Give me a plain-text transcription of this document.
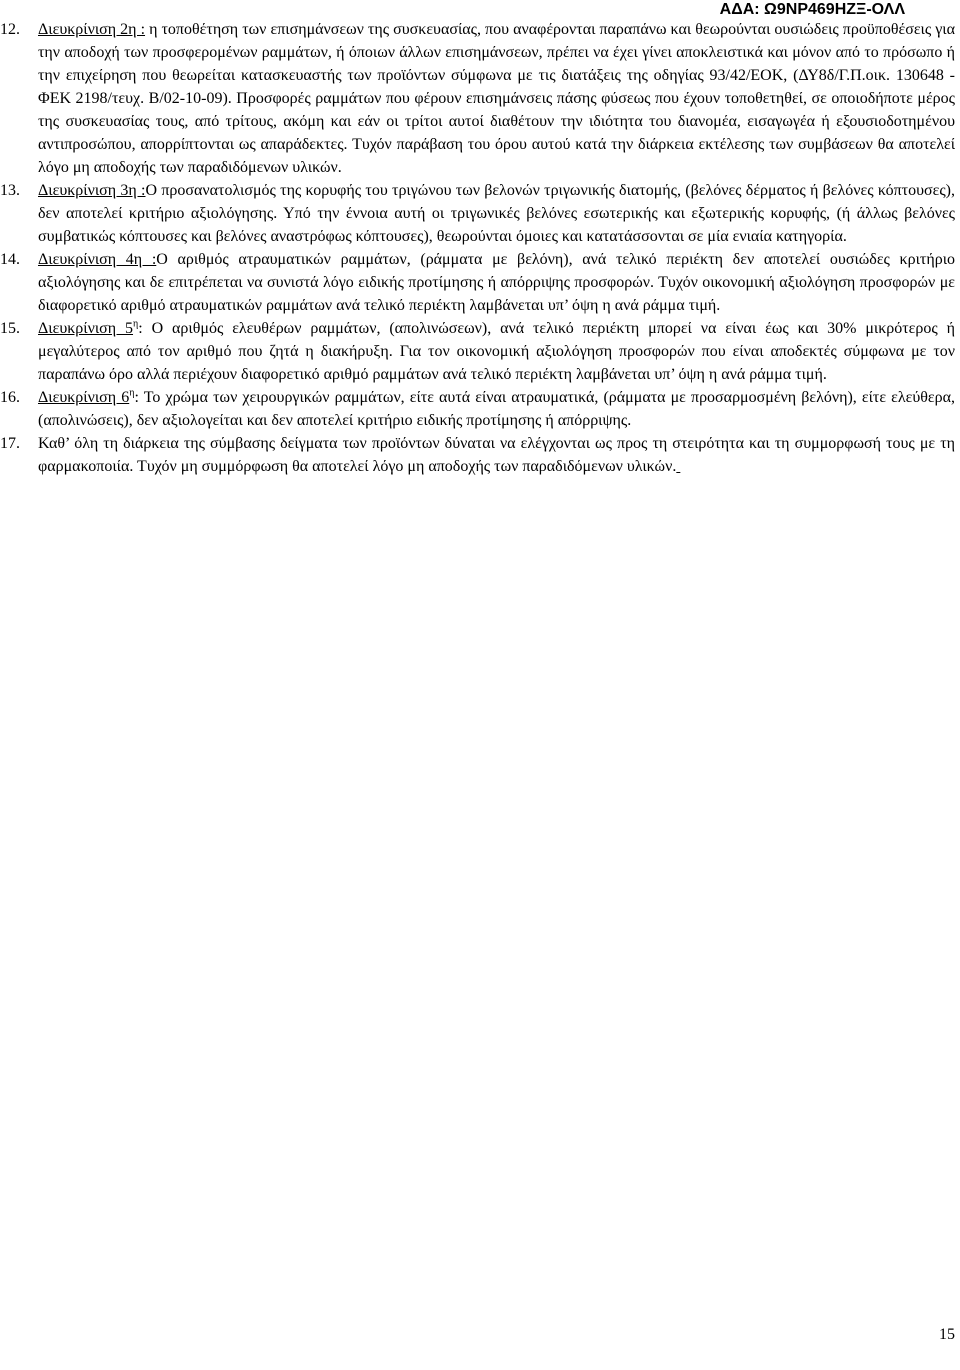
ΑΔΑ: Ω9ΝΡ469ΗΖΞ-ΟΛΛ
12.	Διευκρίνιση 2η : η τοποθέτηση των επισημάνσεων της συσκευασίας, που αναφέρονται παραπάνω και θεωρούνται ουσιώδεις προϋποθέσεις για την αποδοχή των προσφερομένων ραμμάτων, ή όποιων άλλων επισημάνσεων, πρέπει να έχει γίνει αποκλειστικά και μόνον από το πρόσωπο ή την επιχείρηση που θεωρείται κατασκευαστής των προϊόντων σύμφωνα με τις διατάξεις της οδηγίας 93/42/ΕΟΚ, (ΔΥ8δ/Γ.Π.οικ. 130648 - ΦΕΚ 2198/τευχ. Β/02-10-09). Προσφορές ραμμάτων που φέρουν επισημάνσεις πάσης φύσεως που έχουν τοποθετηθεί, σε οποιοδήποτε μέρος της συσκευασίας τους, από τρίτους, ακόμη και εάν οι τρίτοι αυτοί διαθέτουν την ιδιότητα του διανομέα, εισαγωγέα ή εξουσιοδοτημένου αντιπροσώπου, απορρίπτονται ως απαράδεκτες. Τυχόν παράβαση του όρου αυτού κατά την διάρκεια εκτέλεσης των συμβάσεων θα αποτελεί λόγο μη αποδοχής των παραδιδόμενων υλικών.
13.	Διευκρίνιση 3η :Ο προσανατολισμός της κορυφής του τριγώνου των βελονών τριγωνικής διατομής, (βελόνες δέρματος ή βελόνες κόπτουσες), δεν αποτελεί κριτήριο αξιολόγησης. Υπό την έννοια αυτή οι τριγωνικές βελόνες εσωτερικής και εξωτερικής κορυφής, (ή άλλως βελόνες συμβατικώς κόπτουσες και βελόνες αναστρόφως κόπτουσες), θεωρούνται όμοιες και κατατάσσονται σε μία ενιαία κατηγορία.
14.	Διευκρίνιση 4η :Ο αριθμός ατραυματικών ραμμάτων, (ράμματα με βελόνη), ανά τελικό περιέκτη δεν αποτελεί ουσιώδες κριτήριο αξιολόγησης και δε επιτρέπεται να συνιστά λόγο ειδικής προτίμησης ή απόρριψης προσφορών. Τυχόν οικονομική αξιολόγηση προσφορών με διαφορετικό αριθμό ατραυματικών ραμμάτων ανά τελικό περιέκτη λαμβάνεται υπ’ όψη η ανά ράμμα τιμή.
15.	Διευκρίνιση $5^\eta$: Ο αριθμός ελευθέρων ραμμάτων, (απολινώσεων), ανά τελικό περιέκτη μπορεί να είναι έως και 30% μικρότερος ή μεγαλύτερος από τον αριθμό που ζητά η διακήρυξη. Για τον οικονομική αξιολόγηση προσφορών που είναι αποδεκτές σύμφωνα με τον παραπάνω όρο αλλά περιέχουν διαφορετικό αριθμό ραμμάτων ανά τελικό περιέκτη λαμβάνεται υπ’ όψη η ανά ράμμα τιμή.
16.	Διευκρίνιση $6^\eta$: Το χρώμα των χειρουργικών ραμμάτων, είτε αυτά είναι ατραυματικά, (ράμματα με προσαρμοσμένη βελόνη), είτε ελεύθερα, (απολινώσεις), δεν αξιολογείται και δεν αποτελεί κριτήριο ειδικής προτίμησης ή απόρριψης.
17.	Καθ’ όλη τη διάρκεια της σύμβασης δείγματα των προϊόντων δύναται να ελέγχονται ως προς τη στειρότητα και τη συμμορφωσή τους με τη φαρμακοποιία. Τυχόν μη συμμόρφωση θα αποτελεί λόγο μη αποδοχής των παραδιδόμενων υλικών.
15
